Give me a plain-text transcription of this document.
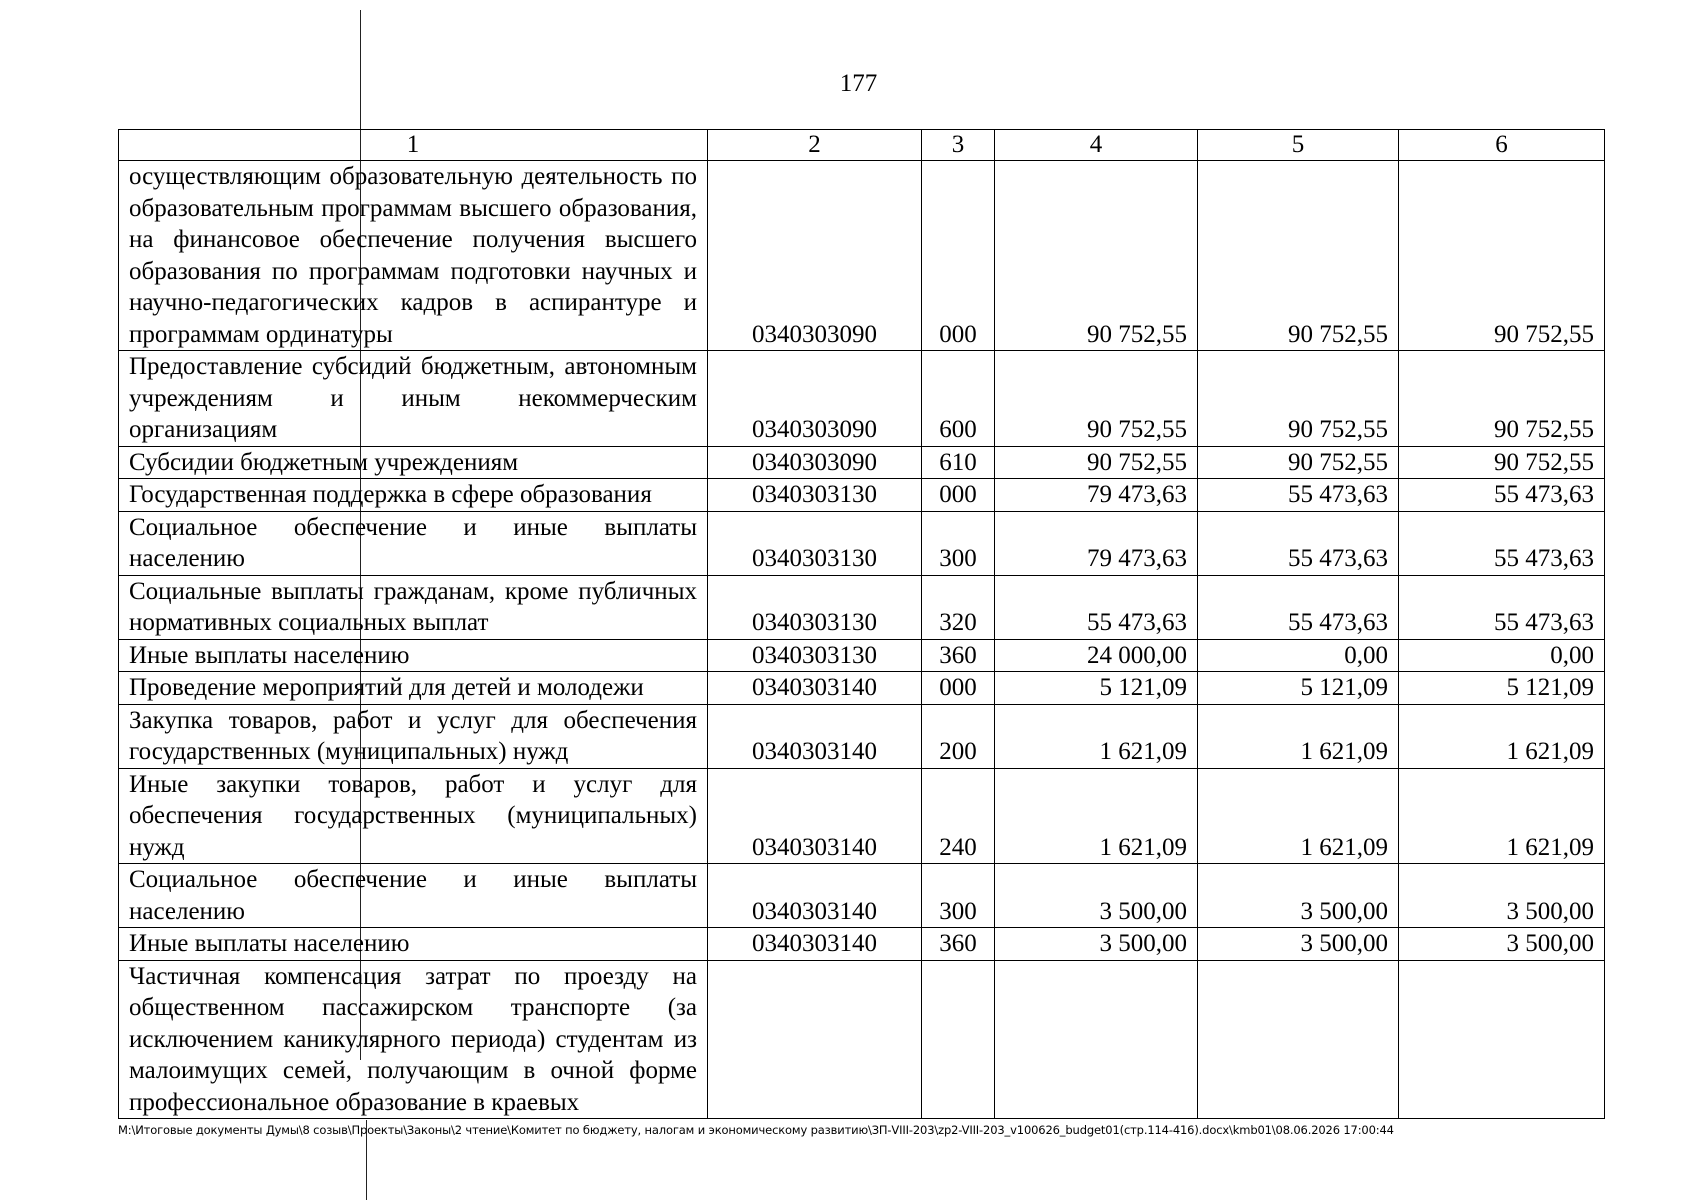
177
1	2	3	4	5	6
осуществляющим образовательную деятельность по образовательным программам высшего образования, на финансовое обеспечение получения высшего образования по программам подготовки научных и научно-педагогических кадров в аспирантуре и программам ординатуры	0340303090	000	90 752,55	90 752,55	90 752,55
Предоставление субсидий бюджетным, автономным учреждениям и иным некоммерческим организациям	0340303090	600	90 752,55	90 752,55	90 752,55
Субсидии бюджетным учреждениям	0340303090	610	90 752,55	90 752,55	90 752,55
Государственная поддержка в сфере образования	0340303130	000	79 473,63	55 473,63	55 473,63
Социальное обеспечение и иные выплаты населению	0340303130	300	79 473,63	55 473,63	55 473,63
Социальные выплаты гражданам, кроме публичных нормативных социальных выплат	0340303130	320	55 473,63	55 473,63	55 473,63
Иные выплаты населению	0340303130	360	24 000,00	0,00	0,00
Проведение мероприятий для детей и молодежи	0340303140	000	5 121,09	5 121,09	5 121,09
Закупка товаров, работ и услуг для обеспечения государственных (муниципальных) нужд	0340303140	200	1 621,09	1 621,09	1 621,09
Иные закупки товаров, работ и услуг для обеспечения государственных (муниципальных) нужд	0340303140	240	1 621,09	1 621,09	1 621,09
Социальное обеспечение и иные выплаты населению	0340303140	300	3 500,00	3 500,00	3 500,00
Иные выплаты населению	0340303140	360	3 500,00	3 500,00	3 500,00
Частичная компенсация затрат по проезду на общественном пассажирском транспорте (за исключением каникулярного периода) студентам из малоимущих семей, получающим в очной форме профессиональное образование в краевых					
M:\Итоговые документы Думы\8 созыв\Проекты\Законы\2 чтение\Комитет по бюджету, налогам и экономическому развитию\ЗП-VIII-203\zp2-VIII-203_v100626_budget01(стр.114-416).docx\kmb01\08.06.2026 17:00:44
